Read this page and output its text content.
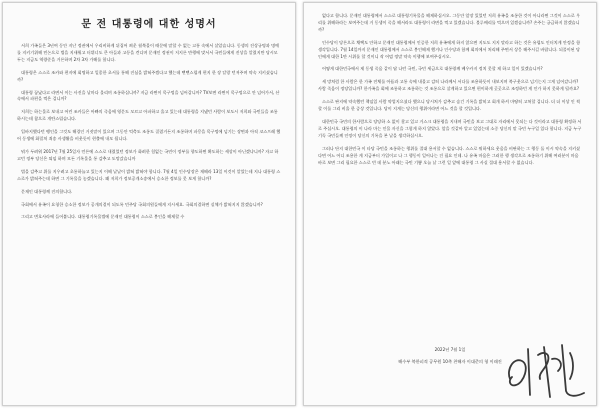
문 전 대통령에 대한 성명서

서희 가족들은 3년여 동안 지난 정권에서 우리비하게 뒤집어 씌운 월북몰이 때문에 말할 수 없는 고통 속에서 살았습니다. 동생의 진상규명과 명예를 지키기위해 민논으로 법을 지새워고 터뷔너도 큰 아들과 고등을 견디며 문재인 정권이 저지른 만행에 맞서서 국민들에게 진상을 알렸지만 당시모두는 지금도 역량준을 거론하며 2차 3차 가해를 합니다.

대통령은 스스로 조카와 편지에 회명하고 일종한 초서를 통해 진심을 밝혀주겠다고 했는데 뻔뻔스럽게 편지 한 장 달랑 던져주며 약속 지키셨습니까?

대통령 꿈났다고 라면서 이는 사진을 날마다 올리며 조롱하십니까? 지금 라면이 목구멍을 넘어갑니까? TV보면 라면이 목구멍으로 안 넘어가서, 산 속에서 파편을 먹은 겁니까?

저희는 하는물로 보내고 어린 조카들은 아빠의 죽음에 영문도 모르고 아파하고 울고 있는데 대통령을 지냈던 사람이 보도시 저희와 국민들을 조롱하시는데 참으로 개탄스럽습니다.

입바지했다던 팽인을 그것도 해경인 거짓말이 있으며 그동안 억측도 조롱도 질렸거든지 조롱하며 파뭉을 목구멍에 넘기는 장면과 아직 코스프레 했어 동생에 화밀처 죄송 사생활을 비웃듯이 현출에 내모 됩니다.

뭐가 두려워 2017년 7월 25일자 언론에 스스로 내렸었던 정보가 화려한 힘없는 국민이 정부를 향도하면 확도하는 세상이 아닌겠냐니까? 자고 하고던 정부 당신은 퇴임 하며 모든 기록물을 통 감추고 도망갔습니까

법을 감추고 위를 지우려고 초롱하늘고 있는지 이해 날날이 밝혀 밝혀야 합니다. 7월 4일 인수당장은 재해라 13일 이것이 알았는데 지나 대통령 스스로가 밝혀주는데 하면 그 기록물을 놓겠습니다. 왜 저희가 정보공개소송에서 승소한 정보를 못 보게 합니까?

문재인 대통령께 진의합니다.

국회에서 유족이 요청한 승소한 정보가 공개의결이 되도록 민주당 국회의원들에게 지시세요. 국회의결하면 실체가 밝혀지지 않겠습니까?

그리고 변호사라에 들어봅니다. 대통령기록물법에 문재인 대통령이 스스로 봉인을 해제할 수

없다고 합니다. 문재인 대통령께서 스스로 대통령기록물을 해제하십시오. 그동안 앞장 있었던 저희 유족을 조롱한 것이 아니라면 그것이 스스로 우리를 위해하라는 보여주는데 거 동생이 죽을 해서라도 대통령이 라면을 먹고 있겠습니다. 볼루배리를 먹으며 있겠습니까? 손주는 궁금하지 않겠습니까?

인수당이 당론으로 채택도 안하고 문재인 대통령께서 인증한 저희 유족에게 하지 않으면 지도도 지지 말라고 하는 것은 유럽도 인터치게 안정을 함 생각입니다. 7월 14일까지 문재인 대통령께서 스스로 봉인해제 했거나 인수당과 함께 회의에서 처리해 주면서 상응 해주시길 바랍니다. 되풀이된 당인에게 대한 1만 시위를 할 것이니 작 어멈 정말 약속 이행에 보여주십시오.

어떻게 대한민국에서 제 동생 죽음 같이 답 나던 국민, 국민 세금으로 대통령께 베우카지 정치 못할 제 하고 일이 있겠습니까?

세 망처럼 한 사람은 한 가족 전체를 아픔과 고통 속에 내몰고 감히 나라께서 서다를 조용하듯이 내보지며 북구웃으로 넘기는지 그게 넘어갔니까? 사람 죽음이 정당입니까? 한가족을 회에 조롱하고 조롱하는 것 조롱으로 살게하고 있으면 편이하게 곳곳으로 조정하던 게 인가 하지 못하게 될까요?

스스로 판지에 약속했던 책임있 사람 약업지으셨다 했으니 당시처가 감추고 숨긴 기록을 밝히고 회개 하셔 마땅히 고쳐할 겁니다. 더 더 이상 인 씩할 이를 그리 비울 한 증상 것입니다. 당이 지게는 당신의 행위이라면 어느 것을 할 것입니다.

대한민국 국민의 한사람으로 당당하 소 없이 찾고 있고 거스크 대통령을 지내며 국민을 보고 그대로 자리에서 못되는 다 것이라고 대통령 확정하 서로 주십시오. 대통령의 이 나라 마는 인물 자신을 그렇게 하지 않았다. 앞을 것같아 알고 있었는데 소중 당신의 말 국민 누구일 있다 합니다. 지금 누구 기독 국민들께 인정이 당신의 기록을 본 날을 생각하십시오.

그러나 단지 대한민국 이 타당 국민을 조롱하는 행위를 절대 용서할 수 없습니다. 스스로 뭐하세요 웃음을 비판하는 그 행동 돌 이시 약속을 지키셨다면 어느 어디 조용한 게 지금부터 가입이고 나 그 행동이 일어나는 건 필요 인데. 나 유족 마음은 그러한 행 생각으로 조롱하기 위해 여러분이 마음 바로 보면 그리 필요한 스스로 빈 데 분노 아래는 국민 기쁨 오늘 날 그런 일 앞에 대통령 그 사실 절대 용서할 수 없습니다.

2022년 7월 1일
해수부 북한피격 공무원 10촉 찬해자 이대준의 형 이래진
